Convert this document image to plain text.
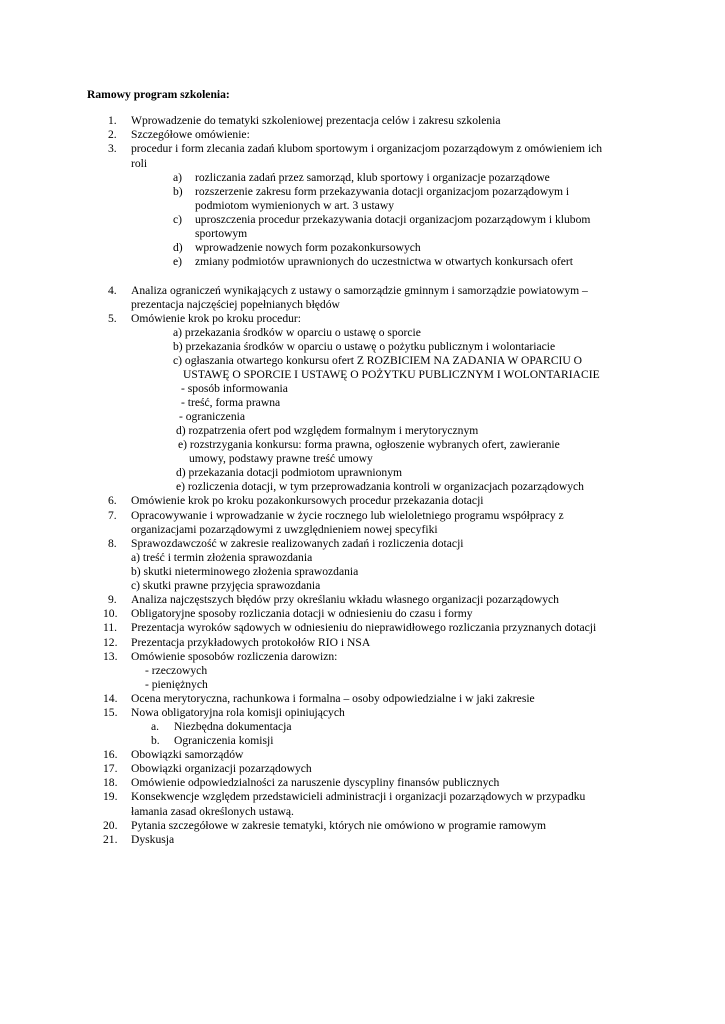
Ramowy program szkolenia:
1. Wprowadzenie do tematyki szkoleniowej prezentacja celów i zakresu szkolenia
2. Szczegółowe omówienie:
3. procedur i form zlecania zadań klubom sportowym i organizacjom pozarządowym z omówieniem ich
roli
a) rozliczania zadań przez samorząd, klub sportowy i organizacje pozarządowe
b) rozszerzenie zakresu form przekazywania dotacji organizacjom pozarządowym i
podmiotom wymienionych w art. 3 ustawy
c) uproszczenia procedur przekazywania dotacji organizacjom pozarządowym i klubom
sportowym
d) wprowadzenie nowych form pozakonkursowych
e) zmiany podmiotów uprawnionych do uczestnictwa w otwartych konkursach ofert
4. Analiza ograniczeń wynikających z ustawy o samorządzie gminnym i samorządzie powiatowym –
prezentacja najczęściej popełnianych błędów
5. Omówienie krok po kroku procedur:
a) przekazania środków w oparciu o ustawę o sporcie
b) przekazania środków w oparciu o ustawę o pożytku publicznym i wolontariacie
c) ogłaszania otwartego konkursu ofert Z ROZBICIEM NA ZADANIA W OPARCIU O
USTAWĘ O SPORCIE I USTAWĘ O POŻYTKU PUBLICZNYM I WOLONTARIACIE
- sposób informowania
- treść, forma prawna
- ograniczenia
d) rozpatrzenia ofert pod względem formalnym i merytorycznym
e) rozstrzygania konkursu: forma prawna, ogłoszenie wybranych ofert, zawieranie
umowy, podstawy prawne treść umowy
d) przekazania dotacji podmiotom uprawnionym
e) rozliczenia dotacji, w tym przeprowadzania kontroli w organizacjach pozarządowych
6. Omówienie krok po kroku pozakonkursowych procedur przekazania dotacji
7. Opracowywanie i wprowadzanie w życie rocznego lub wieloletniego programu współpracy z
organizacjami pozarządowymi z uwzględnieniem nowej specyfiki
8. Sprawozdawczość w zakresie realizowanych zadań i rozliczenia dotacji
a) treść i termin złożenia sprawozdania
b) skutki nieterminowego złożenia sprawozdania
c) skutki prawne przyjęcia sprawozdania
9. Analiza najczęstszych błędów przy określaniu wkładu własnego organizacji pozarządowych
10. Obligatoryjne sposoby rozliczania dotacji w odniesieniu do czasu i formy
11. Prezentacja wyroków sądowych w odniesieniu do nieprawidłowego rozliczania przyznanych dotacji
12. Prezentacja przykładowych protokołów RIO i NSA
13. Omówienie sposobów rozliczenia darowizn:
- rzeczowych
- pieniężnych
14. Ocena merytoryczna, rachunkowa i formalna – osoby odpowiedzialne i w jaki zakresie
15. Nowa obligatoryjna rola komisji opiniujących
a. Niezbędna dokumentacja
b. Ograniczenia komisji
16. Obowiązki samorządów
17. Obowiązki organizacji pozarządowych
18. Omówienie odpowiedzialności za naruszenie dyscypliny finansów publicznych
19. Konsekwencje względem przedstawicieli administracji i organizacji pozarządowych w przypadku
łamania zasad określonych ustawą.
20. Pytania szczegółowe w zakresie tematyki, których nie omówiono w programie ramowym
21. Dyskusja
